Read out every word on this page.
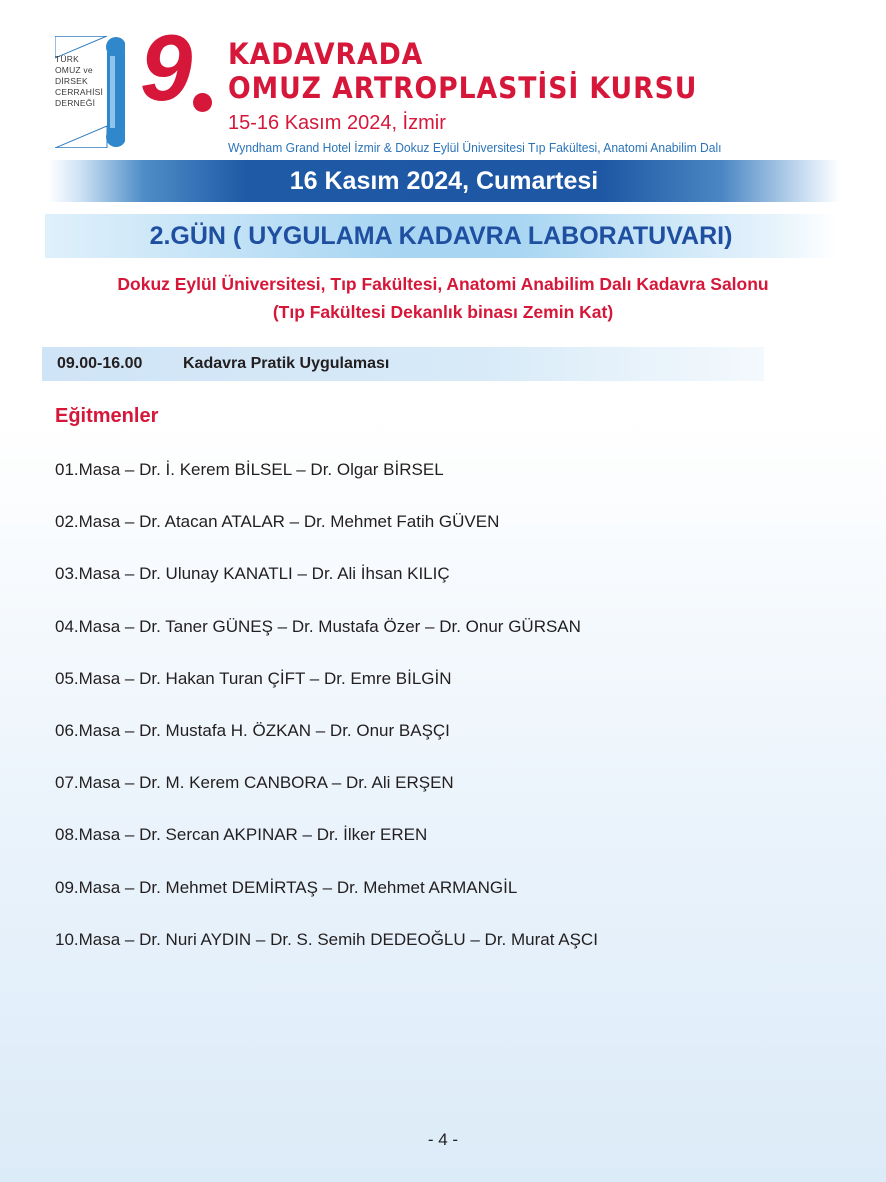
TÜRK
OMUZ ve
DİRSEK
CERRAHİSİ
DERNEĞİ 9 KADAVRADA
OMUZ ARTROPLASTİSİ KURSU
15-16 Kasım 2024, İzmir
Wyndham Grand Hotel İzmir & Dokuz Eylül Üniversitesi Tıp Fakültesi, Anatomi Anabilim Dalı
16 Kasım 2024, Cumartesi
2.GÜN ( UYGULAMA KADAVRA LABORATUVARI)
Dokuz Eylül Üniversitesi, Tıp Fakültesi, Anatomi Anabilim Dalı Kadavra Salonu
(Tıp Fakültesi Dekanlık binası Zemin Kat)
09.00-16.00	Kadavra Pratik Uygulaması
Eğitmenler
01.Masa – Dr. İ. Kerem BİLSEL – Dr. Olgar BİRSEL
02.Masa – Dr. Atacan ATALAR – Dr. Mehmet Fatih GÜVEN
03.Masa – Dr. Ulunay KANATLI – Dr. Ali İhsan KILIÇ
04.Masa – Dr. Taner GÜNEŞ – Dr. Mustafa Özer – Dr. Onur GÜRSAN
05.Masa – Dr. Hakan Turan ÇİFT – Dr. Emre BİLGİN
06.Masa – Dr. Mustafa H. ÖZKAN – Dr. Onur BAŞÇI
07.Masa – Dr. M. Kerem CANBORA – Dr. Ali ERŞEN
08.Masa – Dr. Sercan AKPINAR – Dr. İlker EREN
09.Masa – Dr. Mehmet DEMİRTAŞ – Dr. Mehmet ARMANGİL
10.Masa – Dr. Nuri AYDIN – Dr. S. Semih DEDEOĞLU – Dr. Murat AŞCI
- 4 -
